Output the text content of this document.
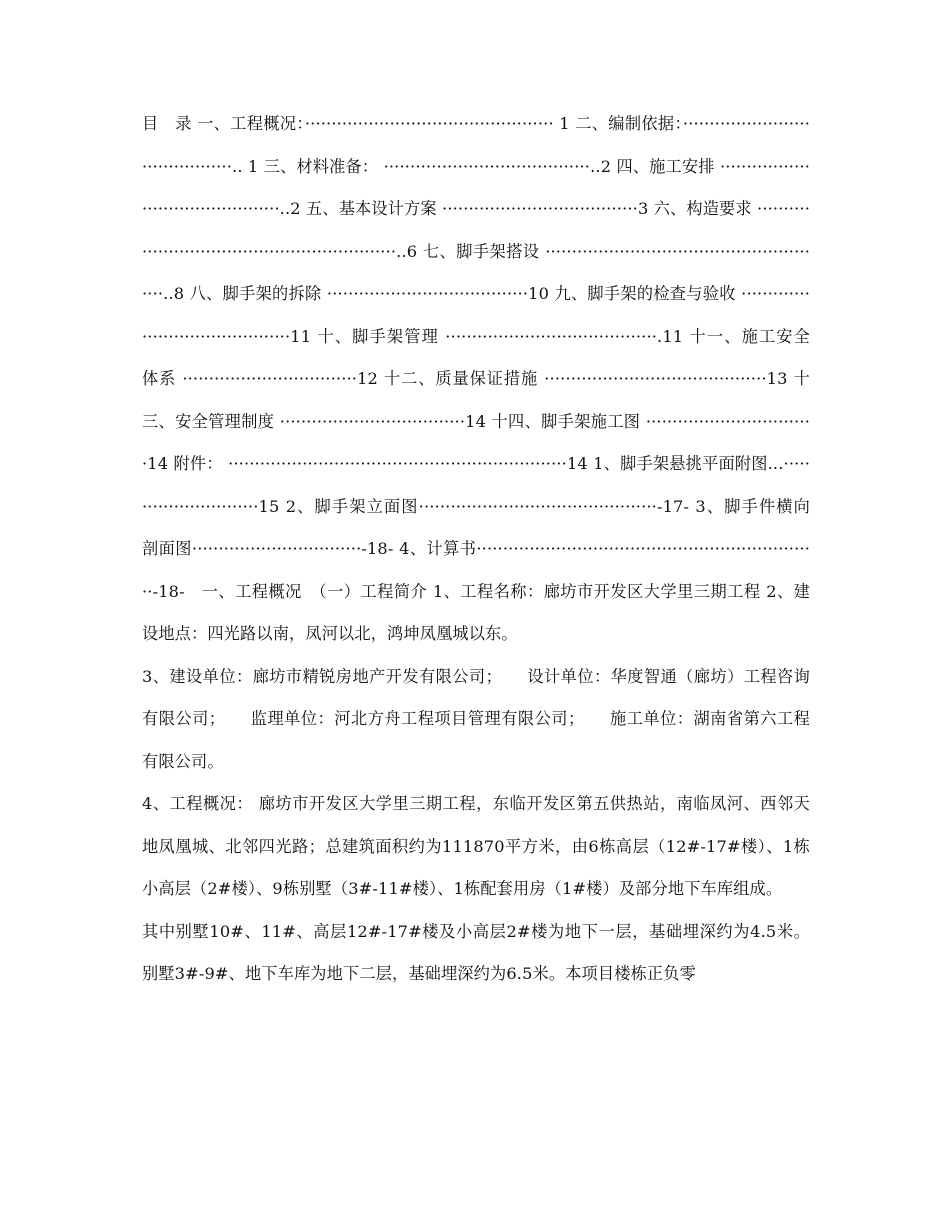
目　录 一、工程概况：··············································· 1 二、编制依据：·········································.. 1 三、材料准备： ·······································..2 四、施工安排 ···········································..2 五、基本设计方案 ·····································3 六、构造要求 ··························································..6 七、脚手架搭设 ······················································..8 八、脚手架的拆除 ······································10 九、脚手架的检查与验收 ·········································11 十、脚手架管理 ········································.11 十一、施工安全体系 ·································12 十二、质量保证措施 ··········································13 十三、安全管理制度 ···································14 十四、脚手架施工图 ································14 附件： ································································14 1、脚手架悬挑平面附图...···························15 2、脚手架立面图·············································-17- 3、脚手件横向剖面图································-18- 4、计算书·································································-18-　一、工程概况　（一）工程简介 1、工程名称：廊坊市开发区大学里三期工程 2、建设地点：四光路以南，凤河以北，鸿坤凤凰城以东。

3、建设单位：廊坊市精锐房地产开发有限公司；　　设计单位：华度智通（廊坊）工程咨询有限公司；　　监理单位：河北方舟工程项目管理有限公司；　　施工单位：湖南省第六工程有限公司。

4、工程概况： 廊坊市开发区大学里三期工程，东临开发区第五供热站，南临凤河、西邻天地凤凰城、北邻四光路；总建筑面积约为111870平方米，由6栋高层（12#-17#楼）、1栋小高层（2#楼）、9栋别墅（3#-11#楼）、1栋配套用房（1#楼）及部分地下车库组成。

其中别墅10#、11#、高层12#-17#楼及小高层2#楼为地下一层，基础埋深约为4.5米。别墅3#-9#、地下车库为地下二层，基础埋深约为6.5米。本项目楼栋正负零
